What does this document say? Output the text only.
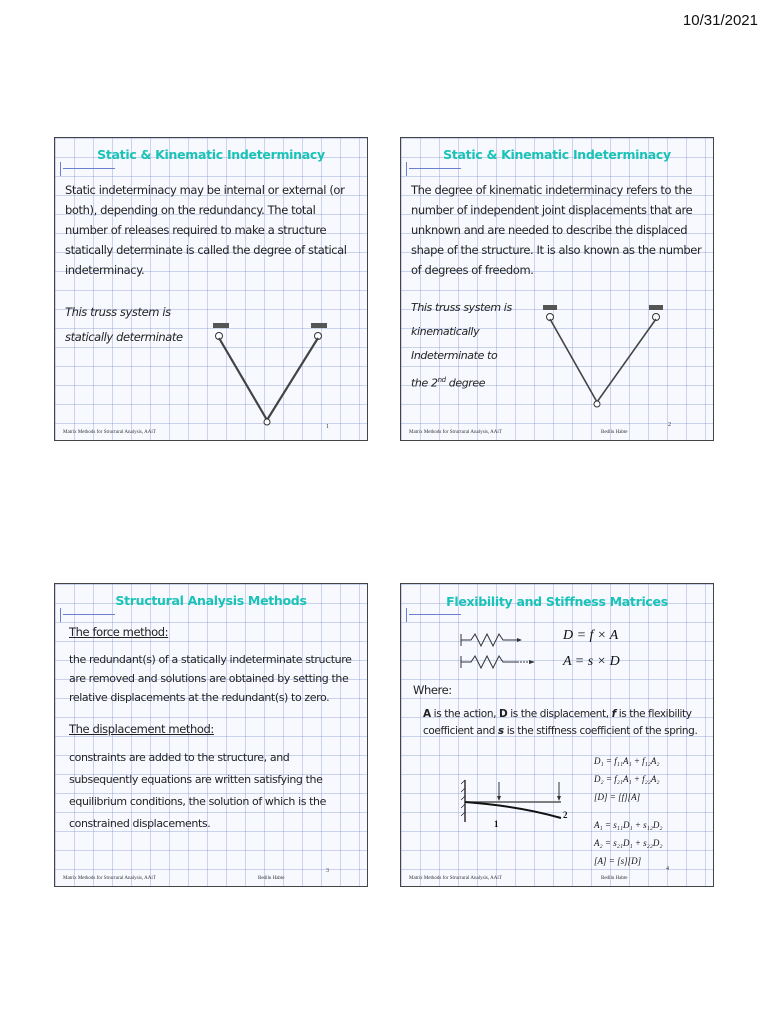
10/31/2021
Static & Kinematic Indeterminacy
Static indeterminacy may be internal or external (or both), depending on the redundancy. The total number of releases required to make a structure statically determinate is called the degree of statical indeterminacy.
This truss system is
statically determinate
Matrix Methods for Structural Analysis, AAiT
1
Static & Kinematic Indeterminacy
The degree of kinematic indeterminacy refers to the number of independent joint displacements that are unknown and are needed to describe the displaced shape of the structure. It is also known as the number of degrees of freedom.
This truss system is
kinematically
Indeterminate to
the 2nd degree
Matrix Methods for Structural Analysis, AAiT	Bedilu Habte
2
Structural Analysis Methods
The force method:
the redundant(s) of a statically indeterminate structure are removed and solutions are obtained by setting the relative displacements at the redundant(s) to zero.
The displacement method:
constraints are added to the structure, and subsequently equations are written satisfying the equilibrium conditions, the solution of which is the constrained displacements.
Matrix Methods for Structural Analysis, AAiT	Bedilu Habte
3
Flexibility and Stiffness Matrices
D = f × A
A = s × D
Where:
A is the action, D is the displacement, f is the flexibility coefficient and s is the stiffness coefficient of the spring.
1
2
D₁ = f₁₁A₁ + f₁₂A₂
D₂ = f₂₁A₁ + f₂₂A₂
[D] = [f][A]
A₁ = s₁₁D₁ + s₁₂D₂
A₂ = s₂₁D₁ + s₂₂D₂
[A] = [s][D]
Matrix Methods for Structural Analysis, AAiT	Bedilu Habte
4
